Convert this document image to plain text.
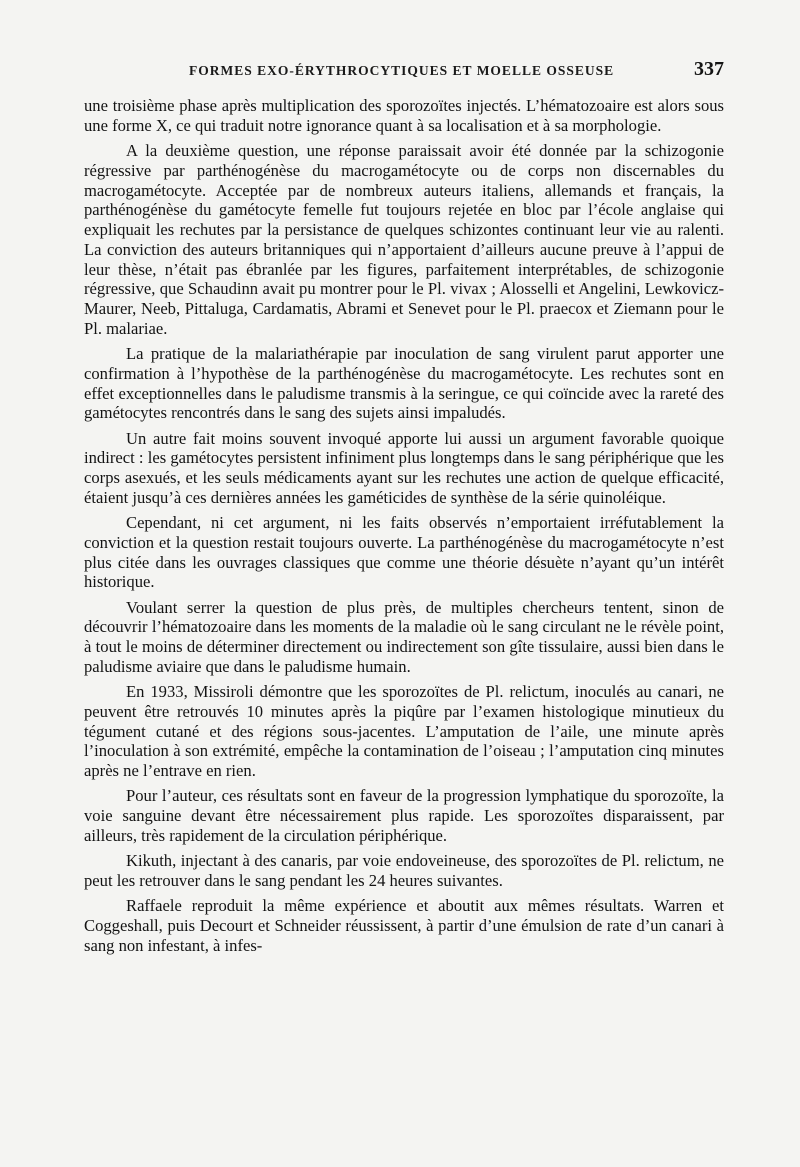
FORMES EXO-ÉRYTHROCYTIQUES ET MOELLE OSSEUSE	337

une troisième phase après multiplication des sporozoïtes injectés. L’hématozoaire est alors sous une forme X, ce qui traduit notre ignorance quant à sa localisation et à sa morphologie.

A la deuxième question, une réponse paraissait avoir été donnée par la schizogonie régressive par parthénogénèse du macrogamétocyte ou de corps non discernables du macrogamétocyte. Acceptée par de nombreux auteurs italiens, allemands et français, la parthénogénèse du gamétocyte femelle fut toujours rejetée en bloc par l’école anglaise qui expliquait les rechutes par la persistance de quelques schizontes continuant leur vie au ralenti. La conviction des auteurs britanniques qui n’apportaient d’ailleurs aucune preuve à l’appui de leur thèse, n’était pas ébranlée par les figures, parfaitement interprétables, de schizogonie régressive, que Schaudinn avait pu montrer pour le Pl. vivax ; Alosselli et Angelini, Lewkovicz-Maurer, Neeb, Pittaluga, Cardamatis, Abrami et Senevet pour le Pl. praecox et Ziemann pour le Pl. malariae.

La pratique de la malariathérapie par inoculation de sang virulent parut apporter une confirmation à l’hypothèse de la parthénogénèse du macrogamétocyte. Les rechutes sont en effet exceptionnelles dans le paludisme transmis à la seringue, ce qui coïncide avec la rareté des gamétocytes rencontrés dans le sang des sujets ainsi impaludés.

Un autre fait moins souvent invoqué apporte lui aussi un argument favorable quoique indirect : les gamétocytes persistent infiniment plus longtemps dans le sang périphérique que les corps asexués, et les seuls médicaments ayant sur les rechutes une action de quelque efficacité, étaient jusqu’à ces dernières années les gaméticides de synthèse de la série quinoléique.

Cependant, ni cet argument, ni les faits observés n’emportaient irréfutablement la conviction et la question restait toujours ouverte. La parthénogénèse du macrogamétocyte n’est plus citée dans les ouvrages classiques que comme une théorie désuète n’ayant qu’un intérêt historique.

Voulant serrer la question de plus près, de multiples chercheurs tentent, sinon de découvrir l’hématozoaire dans les moments de la maladie où le sang circulant ne le révèle point, à tout le moins de déterminer directement ou indirectement son gîte tissulaire, aussi bien dans le paludisme aviaire que dans le paludisme humain.

En 1933, Missiroli démontre que les sporozoïtes de Pl. relictum, inoculés au canari, ne peuvent être retrouvés 10 minutes après la piqûre par l’examen histologique minutieux du tégument cutané et des régions sous-jacentes. L’amputation de l’aile, une minute après l’inoculation à son extrémité, empêche la contamination de l’oiseau ; l’amputation cinq minutes après ne l’entrave en rien.

Pour l’auteur, ces résultats sont en faveur de la progression lymphatique du sporozoïte, la voie sanguine devant être nécessairement plus rapide. Les sporozoïtes disparaissent, par ailleurs, très rapidement de la circulation périphérique.

Kikuth, injectant à des canaris, par voie endoveineuse, des sporozoïtes de Pl. relictum, ne peut les retrouver dans le sang pendant les 24 heures suivantes.

Raffaele reproduit la même expérience et aboutit aux mêmes résultats. Warren et Coggeshall, puis Decourt et Schneider réussissent, à partir d’une émulsion de rate d’un canari à sang non infestant, à infes-
